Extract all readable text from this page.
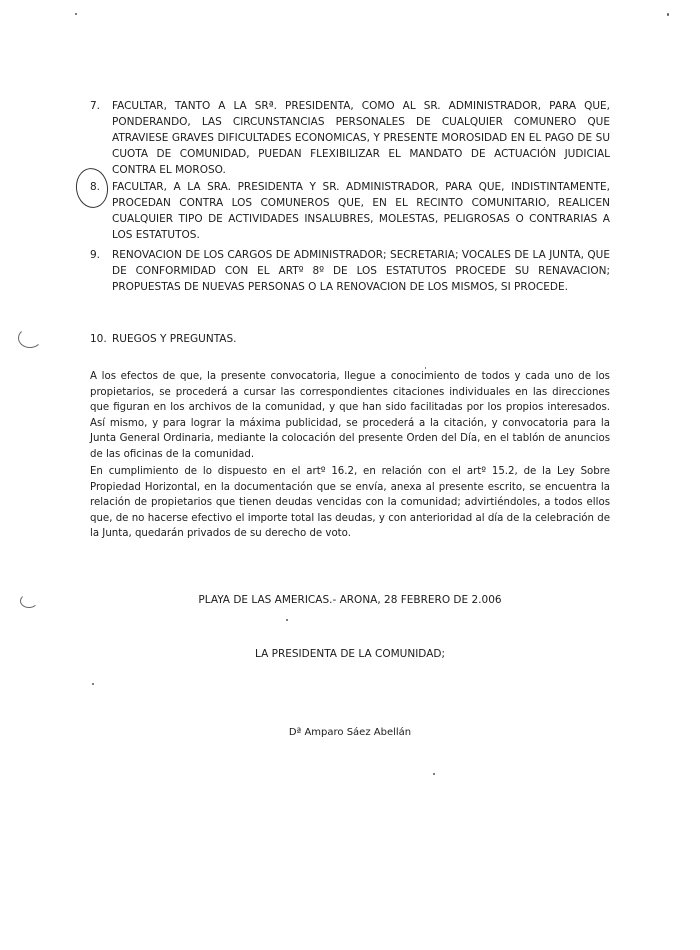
7. FACULTAR, TANTO A LA SRª. PRESIDENTA, COMO AL SR. ADMINISTRADOR, PARA QUE, PONDERANDO, LAS CIRCUNSTANCIAS PERSONALES DE CUALQUIER COMUNERO QUE ATRAVIESE GRAVES DIFICULTADES ECONOMICAS, Y PRESENTE MOROSIDAD EN EL PAGO DE SU CUOTA DE COMUNIDAD, PUEDAN FLEXIBILIZAR EL MANDATO DE ACTUACIÓN JUDICIAL CONTRA EL MOROSO.
8. FACULTAR, A LA SRA. PRESIDENTA Y SR. ADMINISTRADOR, PARA QUE, INDISTINTAMENTE, PROCEDAN CONTRA LOS COMUNEROS QUE, EN EL RECINTO COMUNITARIO, REALICEN CUALQUIER TIPO DE ACTIVIDADES INSALUBRES, MOLESTAS, PELIGROSAS O CONTRARIAS A LOS ESTATUTOS.
9. RENOVACION DE LOS CARGOS DE ADMINISTRADOR; SECRETARIA; VOCALES DE LA JUNTA, QUE DE CONFORMIDAD CON EL ARTº 8º DE LOS ESTATUTOS PROCEDE SU RENAVACION; PROPUESTAS DE NUEVAS PERSONAS O LA RENOVACION DE LOS MISMOS, SI PROCEDE.
10. RUEGOS Y PREGUNTAS.
A los efectos de que, la presente convocatoria, llegue a conocimiento de todos y cada uno de los propietarios, se procederá a cursar las correspondientes citaciones individuales en las direcciones que figuran en los archivos de la comunidad, y que han sido facilitadas por los propios interesados. Así mismo, y para lograr la máxima publicidad, se procederá a la citación, y convocatoria para la Junta General Ordinaria, mediante la colocación del presente Orden del Día, en el tablón de anuncios de las oficinas de la comunidad.
En cumplimiento de lo dispuesto en el artº 16.2, en relación con el artº 15.2, de la Ley Sobre Propiedad Horizontal, en la documentación que se envía, anexa al presente escrito, se encuentra la relación de propietarios que tienen deudas vencidas con la comunidad; advirtiéndoles, a todos ellos que, de no hacerse efectivo el importe total las deudas, y con anterioridad al día de la celebración de la Junta, quedarán privados de su derecho de voto.
PLAYA DE LAS AMERICAS.- ARONA, 28 FEBRERO DE 2.006
LA PRESIDENTA DE LA COMUNIDAD;
Dª Amparo Sáez Abellán
